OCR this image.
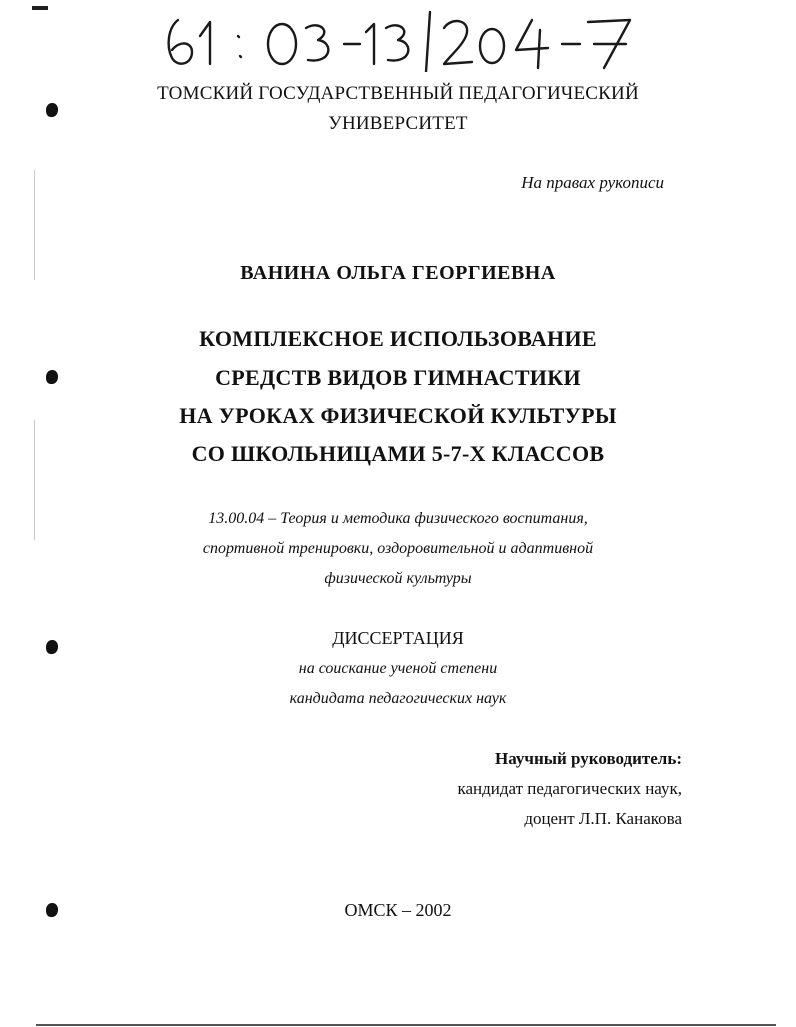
ТОМСКИЙ ГОСУДАРСТВЕННЫЙ ПЕДАГОГИЧЕСКИЙ
УНИВЕРСИТЕТ
На правах рукописи
ВАНИНА ОЛЬГА ГЕОРГИЕВНА
КОМПЛЕКСНОЕ ИСПОЛЬЗОВАНИЕ
СРЕДСТВ ВИДОВ ГИМНАСТИКИ
НА УРОКАХ ФИЗИЧЕСКОЙ КУЛЬТУРЫ
СО ШКОЛЬНИЦАМИ 5-7-Х КЛАССОВ
13.00.04 – Теория и методика физического воспитания,
спортивной тренировки, оздоровительной и адаптивной
физической культуры
ДИССЕРТАЦИЯ
на соискание ученой степени
кандидата педагогических наук
Научный руководитель:
кандидат педагогических наук,
доцент Л.П. Канакова
ОМСК – 2002
